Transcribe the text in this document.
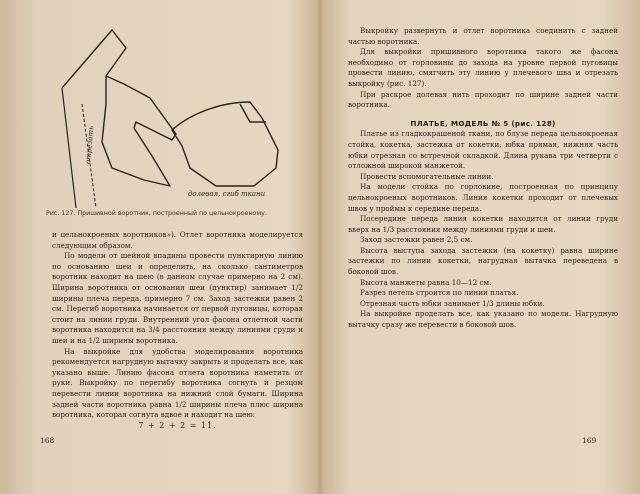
отрезать
долевая, сгиб ткани
Рис. 127. Пришивной воротник, построенный по цельнокроеному.

и цельнокроеных воротников»). Отлет воротника моделируется следующим образом.

По модели от шейной впадины провести пунктирную линию по основанию шеи и определить, на сколько сантиметров воротник находит на шею (в данном случае примерно на 2 см). Ширина воротника от основания шеи (пунктир) занимает 1/2 ширины плеча переда, примерно 7 см. Заход застежки равен 2 см. Перегиб воротника начинается от первой пуговицы, которая стоит на линии груди. Внутренний угол фасона отлетной части воротника находится на 3/4 расстояния между линиями груди и шеи и на 1/2 ширины воротника.

На выкройке для удобства моделирования воротника рекомендуется нагрудную вытачку закрыть и проделать все, как указано выше. Линию фасона отлета воротника наметить от руки. Выкройку по перегибу воротника согнуть и резцом перевести линии воротника на нижний слой бумаги. Ширина задней части воротника равна 1/2 ширины плеча плюс ширина воротника, которая согнута вдвое и находит на шею:

7 + 2 + 2 = 11.

168

Выкройку развернуть и отлет воротника соединить с задней частью воротника.

Для выкройки пришивного воротника такого же фасона необходимо от горловины до захода на уровне первой пуговицы провести линию, смягчить эту линию у плечевого шва и отрезать выкройку (рис. 127).

При раскрое долевая нить проходит по ширине задней части воротника.

ПЛАТЬЕ, МОДЕЛЬ № 5 (рис. 128)

Платье из гладкокрашеной ткани, по блузе переда цельнокроеная стойка, кокетка, застежка от кокетки, юбка прямая, нижняя часть юбки отрезная со встречной складкой. Длина рукава три четверти с отложной широкой манжетой.

Провести вспомогательные линии.

На модели стойка по горловине, построенная по принципу цельнокроеных воротников. Линия кокетки проходит от плечевых швов у проймы к середине переда.

Посередине переда линия кокетки находится от линии груди вверх на 1/3 расстояния между линиями груди и шеи.

Заход застежки равен 2,5 см.

Высота выступа захода застежки (на кокетку) равна ширине застежки по линии кокетки, нагрудная вытачка переведена в боковой шов.

Высота манжеты равна 10—12 см.

Разрез петель строится по линии платья.

Отрезная часть юбки занимает 1/3 длины юбки.

На выкройке проделать все, как указано по модели. Нагрудную вытачку сразу же перевести в боковой шов.

169
